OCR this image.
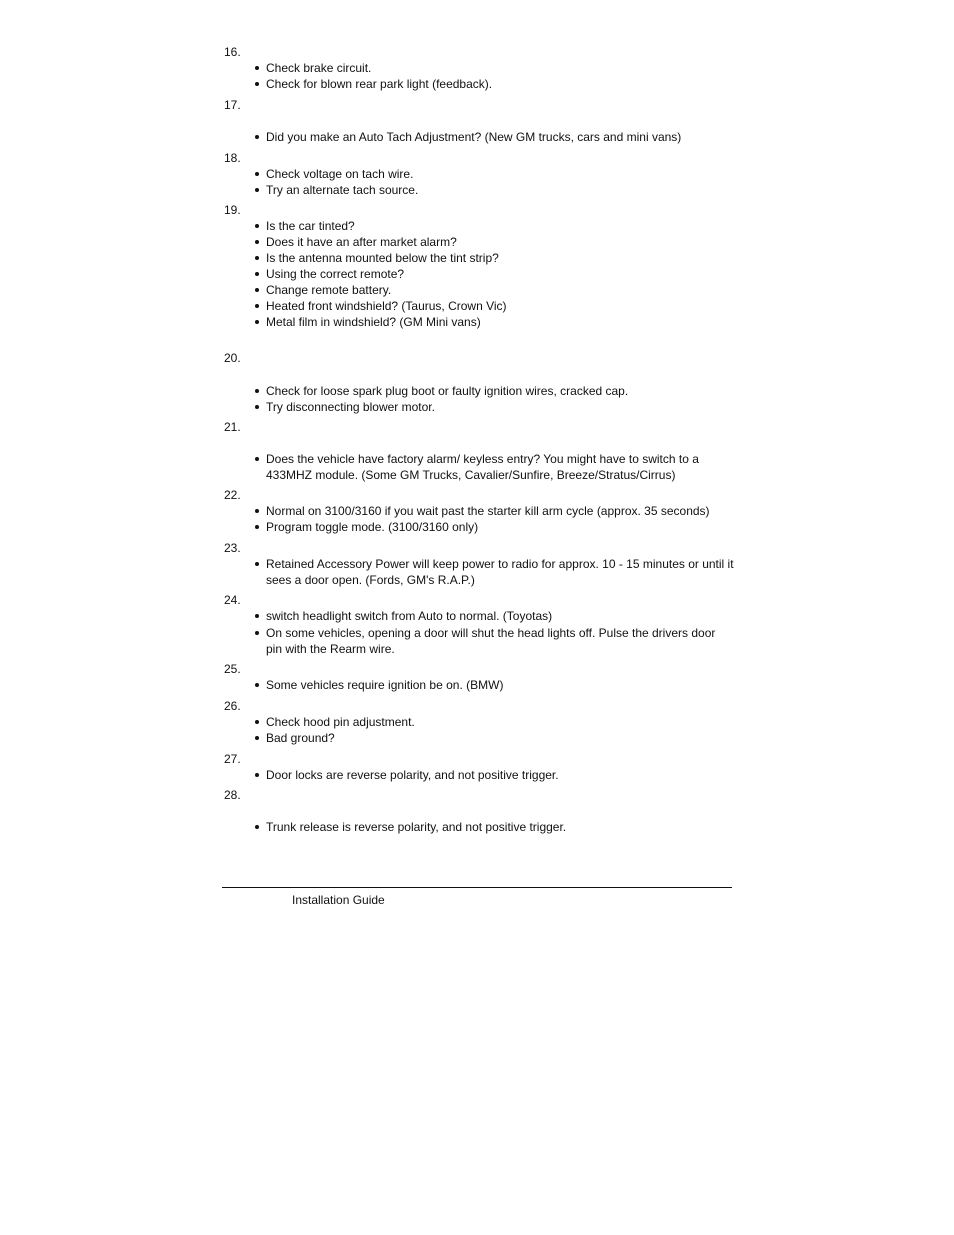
16.
Check brake circuit.
Check for blown rear park light (feedback).
17.
Did you make an Auto Tach Adjustment? (New GM trucks, cars and mini vans)
18.
Check voltage on tach wire.
Try an alternate tach source.
19.
Is the car tinted?
Does it have an after market alarm?
Is the antenna mounted below the tint strip?
Using the correct remote?
Change remote battery.
Heated front windshield? (Taurus, Crown Vic)
Metal film in windshield? (GM Mini vans)
20.
Check for loose spark plug boot or faulty ignition wires, cracked cap.
Try disconnecting blower motor.
21.
Does the vehicle have factory alarm/ keyless entry? You might have to switch to a 433MHZ module. (Some GM Trucks, Cavalier/Sunfire, Breeze/Stratus/Cirrus)
22.
Normal on 3100/3160 if you wait past the starter kill arm cycle (approx. 35 seconds)
Program toggle mode. (3100/3160 only)
23.
Retained Accessory Power will keep power to radio for approx. 10 - 15 minutes or until it sees a door open. (Fords, GM's R.A.P.)
24.
switch headlight switch from Auto to normal. (Toyotas)
On some vehicles, opening a door will shut the head lights off. Pulse the drivers door pin with the Rearm wire.
25.
Some vehicles require ignition be on. (BMW)
26.
Check hood pin adjustment.
Bad ground?
27.
Door locks are reverse polarity, and not positive trigger.
28.
Trunk release is reverse polarity, and not positive trigger.
Installation Guide
